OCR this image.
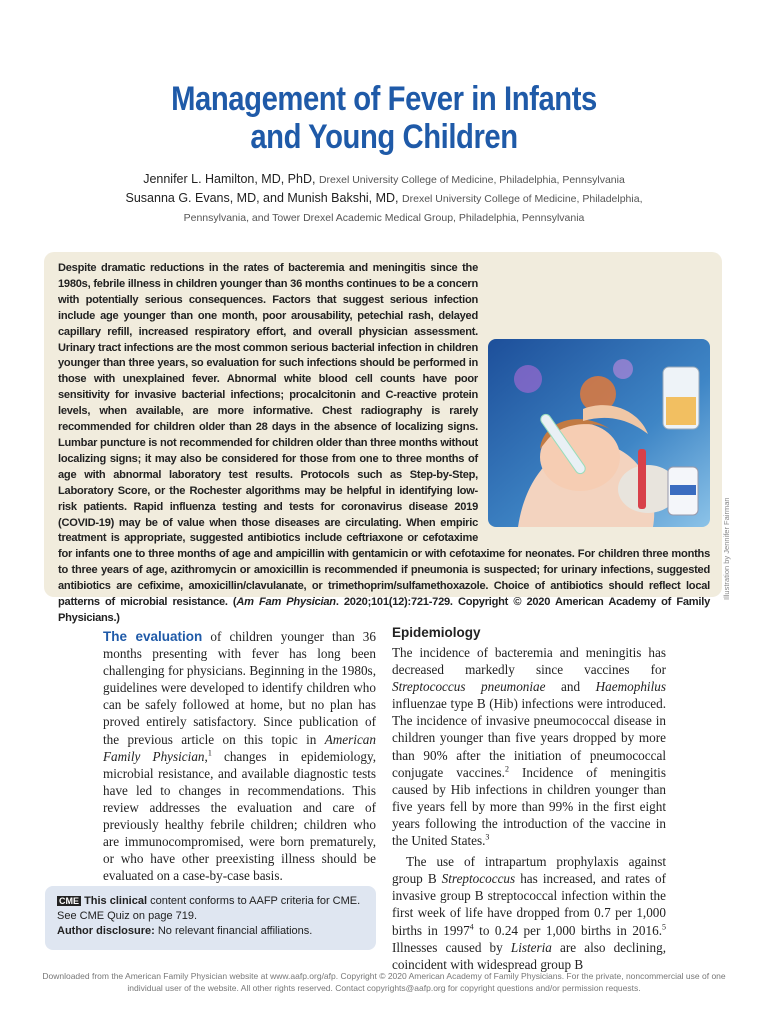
Management of Fever in Infants
and Young Children
Jennifer L. Hamilton, MD, PhD, Drexel University College of Medicine, Philadelphia, Pennsylvania
Susanna G. Evans, MD, and Munish Bakshi, MD, Drexel University College of Medicine, Philadelphia,
Pennsylvania, and Tower Drexel Academic Medical Group, Philadelphia, Pennsylvania
Despite dramatic reductions in the rates of bacteremia and meningitis since the 1980s, febrile illness in children younger than 36 months continues to be a concern with potentially serious consequences. Factors that suggest serious infection include age younger than one month, poor arousability, petechial rash, delayed capillary refill, increased respiratory effort, and overall physician assessment. Urinary tract infections are the most common serious bacterial infection in children younger than three years, so evaluation for such infections should be performed in those with unexplained fever. Abnormal white blood cell counts have poor sensitivity for invasive bacterial infections; procalcitonin and C-reactive protein levels, when available, are more informative. Chest radiography is rarely recommended for children older than 28 days in the absence of localizing signs. Lumbar puncture is not recommended for children older than three months without localizing signs; it may also be considered for those from one to three months of age with abnormal laboratory test results. Protocols such as Step-by-Step, Laboratory Score, or the Rochester algorithms may be helpful in identifying low-risk patients. Rapid influenza testing and tests for coronavirus disease 2019 (COVID-19) may be of value when those diseases are circulating. When empiric treatment is appropriate, suggested antibiotics include ceftriaxone or cefotaxime for infants one to three months of age and ampicillin with gentamicin or with cefotaxime for neonates. For children three months to three years of age, azithromycin or amoxicillin is recommended if pneumonia is suspected; for urinary infections, suggested antibiotics are cefixime, amoxicillin/clavulanate, or trimethoprim/sulfamethoxazole. Choice of antibiotics should reflect local patterns of microbial resistance. (Am Fam Physician. 2020;101(12):721-729. Copyright © 2020 American Academy of Family Physicians.)
Illustration by Jennifer Fairman
The evaluation of children younger than 36 months presenting with fever has long been challenging for physicians. Beginning in the 1980s, guidelines were developed to identify children who can be safely followed at home, but no plan has proved entirely satisfactory. Since publication of the previous article on this topic in American Family Physician,$^1$ changes in epidemiology, microbial resistance, and available diagnostic tests have led to changes in recommendations. This review addresses the evaluation and care of previously healthy febrile children; children who are immunocompromised, were born prematurely, or who have other preexisting illness should be evaluated on a case-by-case basis.
CME This clinical content conforms to AAFP criteria for CME. See CME Quiz on page 719.
Author disclosure: No relevant financial affiliations.
Epidemiology

The incidence of bacteremia and meningitis has decreased markedly since vaccines for Streptococcus pneumoniae and Haemophilus influenzae type B (Hib) infections were introduced. The incidence of invasive pneumococcal disease in children younger than five years dropped by more than 90% after the initiation of pneumococcal conjugate vaccines.$^2$ Incidence of meningitis caused by Hib infections in children younger than five years fell by more than 99% in the first eight years following the introduction of the vaccine in the United States.$^3$

The use of intrapartum prophylaxis against group B Streptococcus has increased, and rates of invasive group B streptococcal infection within the first week of life have dropped from 0.7 per 1,000 births in 1997$^4$ to 0.24 per 1,000 births in 2016.$^5$ Illnesses caused by Listeria are also declining, coincident with widespread group B

Downloaded from the American Family Physician website at www.aafp.org/afp. Copyright © 2020 American Academy of Family Physicians. For the private, noncommercial use of one individual user of the website. All other rights reserved. Contact copyrights@aafp.org for copyright questions and/or permission requests.
